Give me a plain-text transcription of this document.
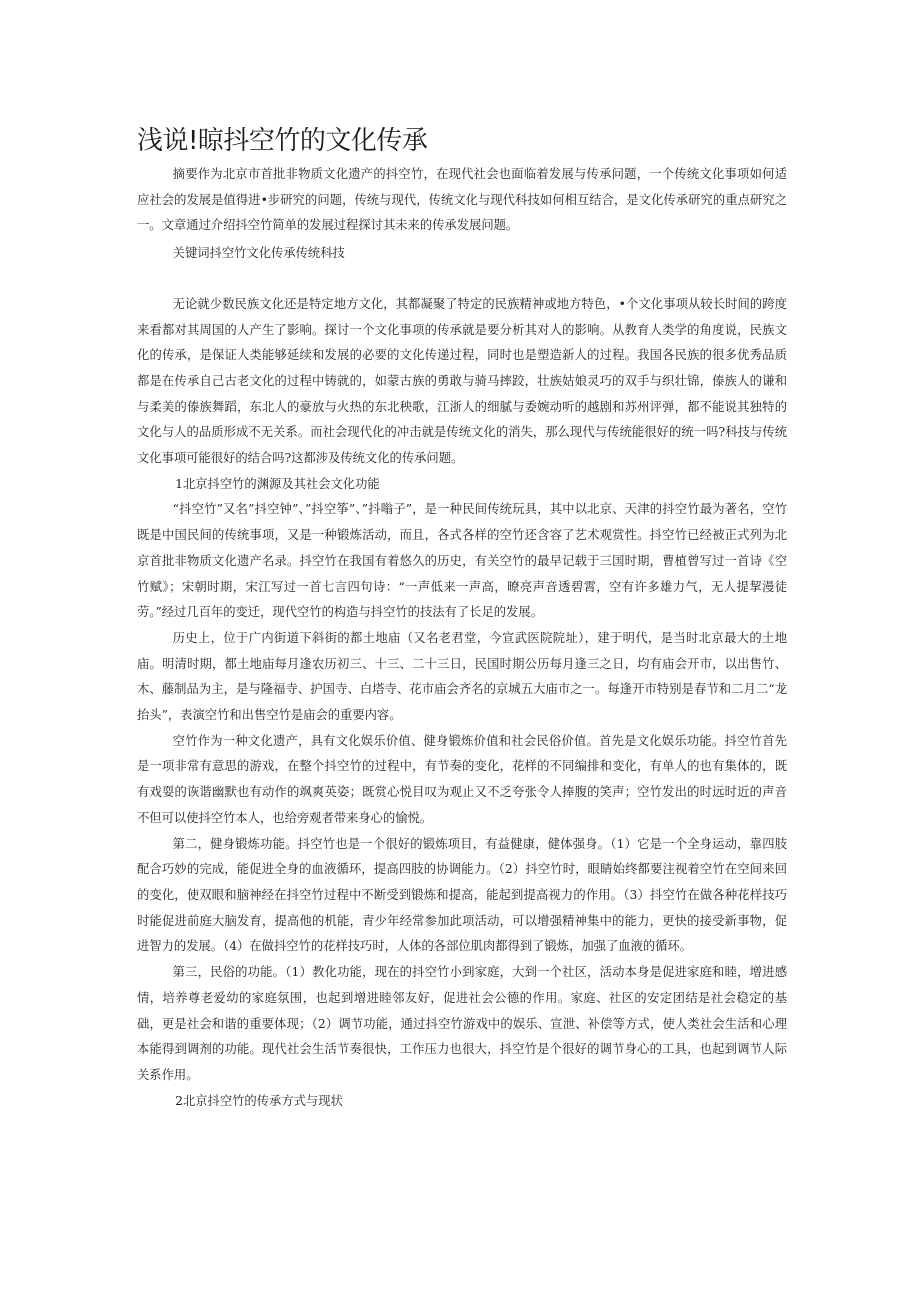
浅说!晾抖空竹的文化传承

摘要作为北京市首批非物质文化遗产的抖空竹，在现代社会也面临着发展与传承问题，一个传统文化事项如何适应社会的发展是值得进•步研究的问题，传统与现代，传统文化与现代科技如何相互结合，是文化传承研究的重点研究之一。文章通过介绍抖空竹简单的发展过程探讨其未来的传承发展问题。

关键词抖空竹文化传承传统科技

无论就少数民族文化还是特定地方文化，其都凝聚了特定的民族精神或地方特色，•个文化事项从较长时间的跨度来看都对其周国的人产生了影响。探讨一个文化事项的传承就是要分析其对人的影响。从教育人类学的角度说，民族文化的传承，是保证人类能够延续和发展的必要的文化传递过程，同时也是塑造新人的过程。我国各民族的很多优秀品质都是在传承自己古老文化的过程中铸就的，如蒙古族的勇敢与骑马摔跤，壮族姑娘灵巧的双手与织壮锦，傣族人的谦和与柔美的傣族舞蹈，东北人的豪放与火热的东北秧歌，江浙人的细腻与委婉动听的越剧和苏州评弹，都不能说其独特的文化与人的品质形成不无关系。而社会现代化的冲击就是传统文化的消失，那么现代与传统能很好的统一吗?科技与传统文化事项可能很好的结合吗?这都涉及传统文化的传承问题。

1北京抖空竹的渊源及其社会文化功能

“抖空竹”又名”抖空钟”、”抖空筝”、”抖嗡子”，是一种民间传统玩具，其中以北京、天津的抖空竹最为著名，空竹既是中国民间的传统事项，又是一种锻炼活动，而且，各式各样的空竹还含容了艺术观赏性。抖空竹已经被正式列为北京首批非物质文化遗产名录。抖空竹在我国有着悠久的历史，有关空竹的最早记载于三国时期，曹植曾写过一首诗《空竹赋》；宋朝时期，宋江写过一首七言四句诗：“一声低来一声高，暸亮声音透碧霄，空有许多雄力气，无人提挈漫徒劳。”经过几百年的变迁，现代空竹的构造与抖空竹的技法有了长足的发展。

历史上，位于广内街道下斜街的都土地庙（又名老君堂，今宣武医院院址），建于明代，是当时北京最大的土地庙。明清时期，都土地庙每月逢农历初三、十三、二十三日，民国时期公历每月逢三之日，均有庙会开市，以出售竹、木、藤制品为主，是与隆福寺、护国寺、白塔寺、花市庙会齐名的京城五大庙市之一。每逢开市特别是春节和二月二“龙抬头”，表演空竹和出售空竹是庙会的重要内容。

空竹作为一种文化遗产，具有文化娱乐价值、健身锻炼价值和社会民俗价值。首先是文化娱乐功能。抖空竹首先是一项非常有意思的游戏，在整个抖空竹的过程中，有节奏的变化，花样的不同编排和变化，有单人的也有集体的，既有戏耍的诙谐幽默也有动作的飒爽英姿；既赏心悦目叹为观止又不乏夸张令人捧腹的笑声；空竹发出的时远时近的声音不但可以使抖空竹本人，也给旁观者带来身心的愉悦。

第二，健身锻炼功能。抖空竹也是一个很好的锻炼项目，有益健康，健体强身。（1）它是一个全身运动，靠四肢配合巧妙的完成，能促进全身的血液循环，提高四肢的协调能力。（2）抖空竹时，眼睛始终都要注视着空竹在空间来回的变化，使双眼和脑神经在抖空竹过程中不断受到锻炼和提高，能起到提高视力的作用。（3）抖空竹在做各种花样技巧时能促进前庭大脑发育，提高他的机能，青少年经常参加此项活动，可以增强精神集中的能力，更快的接受新事物，促进智力的发展。（4）在做抖空竹的花样技巧时，人体的各部位肌肉都得到了锻炼，加强了血液的循环。

第三，民俗的功能。（1）教化功能，现在的抖空竹小到家庭，大到一个社区，活动本身是促进家庭和睦，增进感情，培养尊老爱幼的家庭氛围，也起到增进睦邻友好，促进社会公德的作用。家庭、社区的安定团结是社会稳定的基础，更是社会和谐的重要体现；（2）调节功能，通过抖空竹游戏中的娱乐、宣泄、补偿等方式，使人类社会生活和心理本能得到调剂的功能。现代社会生活节奏很快，工作压力也很大，抖空竹是个很好的调节身心的工具，也起到调节人际关系作用。

2北京抖空竹的传承方式与现状
